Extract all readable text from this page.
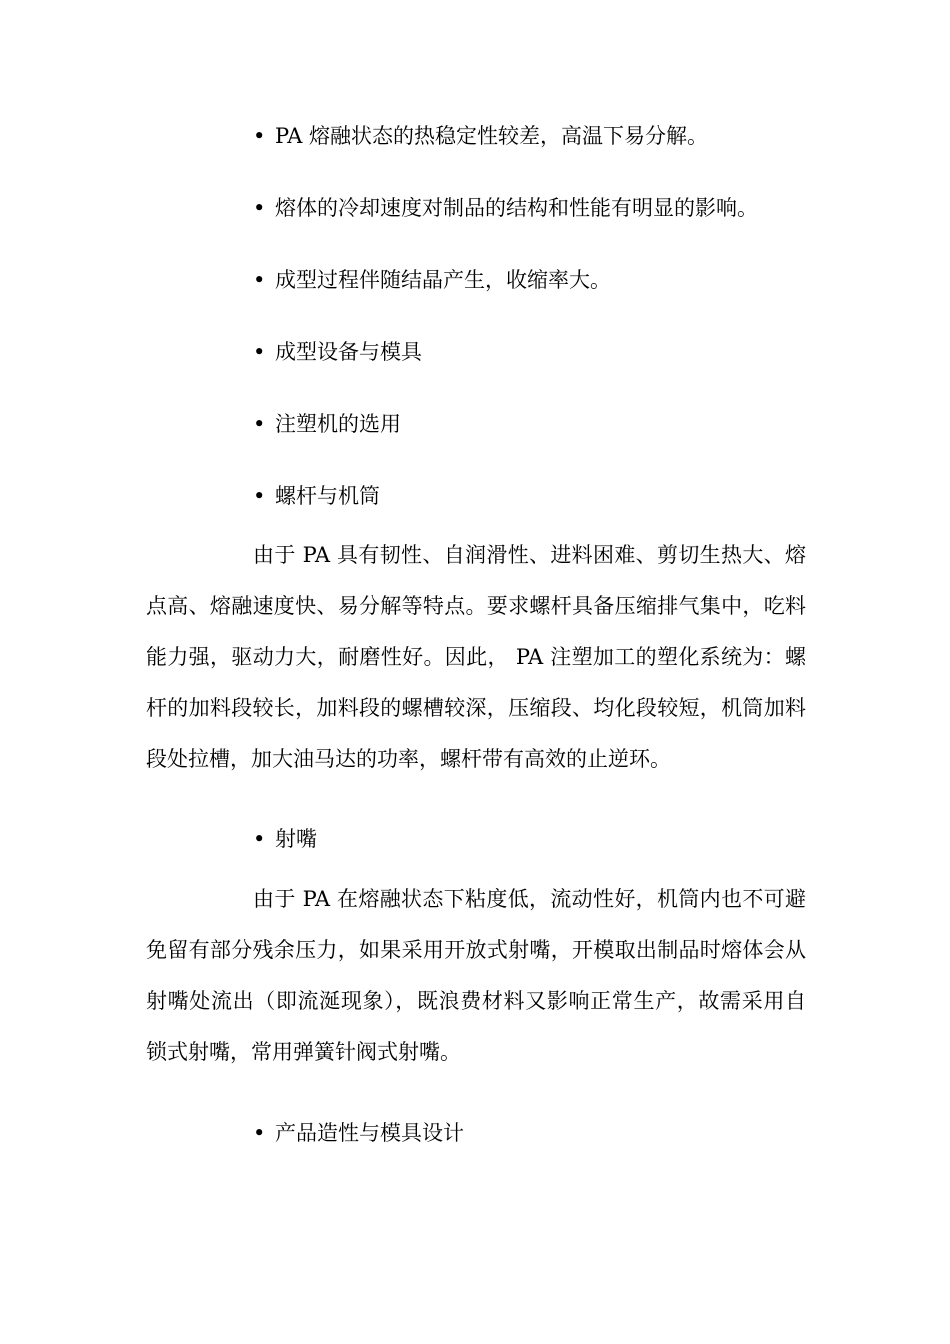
• PA 熔融状态的热稳定性较差，高温下易分解。
• 熔体的冷却速度对制品的结构和性能有明显的影响。
• 成型过程伴随结晶产生，收缩率大。
• 成型设备与模具
• 注塑机的选用
• 螺杆与机筒

由于 PA 具有韧性、自润滑性、进料困难、剪切生热大、熔点高、熔融速度快、易分解等特点。要求螺杆具备压缩排气集中，吃料能力强，驱动力大，耐磨性好。因此， PA 注塑加工的塑化系统为：螺杆的加料段较长，加料段的螺槽较深，压缩段、均化段较短，机筒加料段处拉槽，加大油马达的功率，螺杆带有高效的止逆环。

• 射嘴

由于 PA 在熔融状态下粘度低，流动性好，机筒内也不可避免留有部分残余压力，如果采用开放式射嘴，开模取出制品时熔体会从射嘴处流出（即流涎现象），既浪费材料又影响正常生产，故需采用自锁式射嘴，常用弹簧针阀式射嘴。

• 产品造性与模具设计
